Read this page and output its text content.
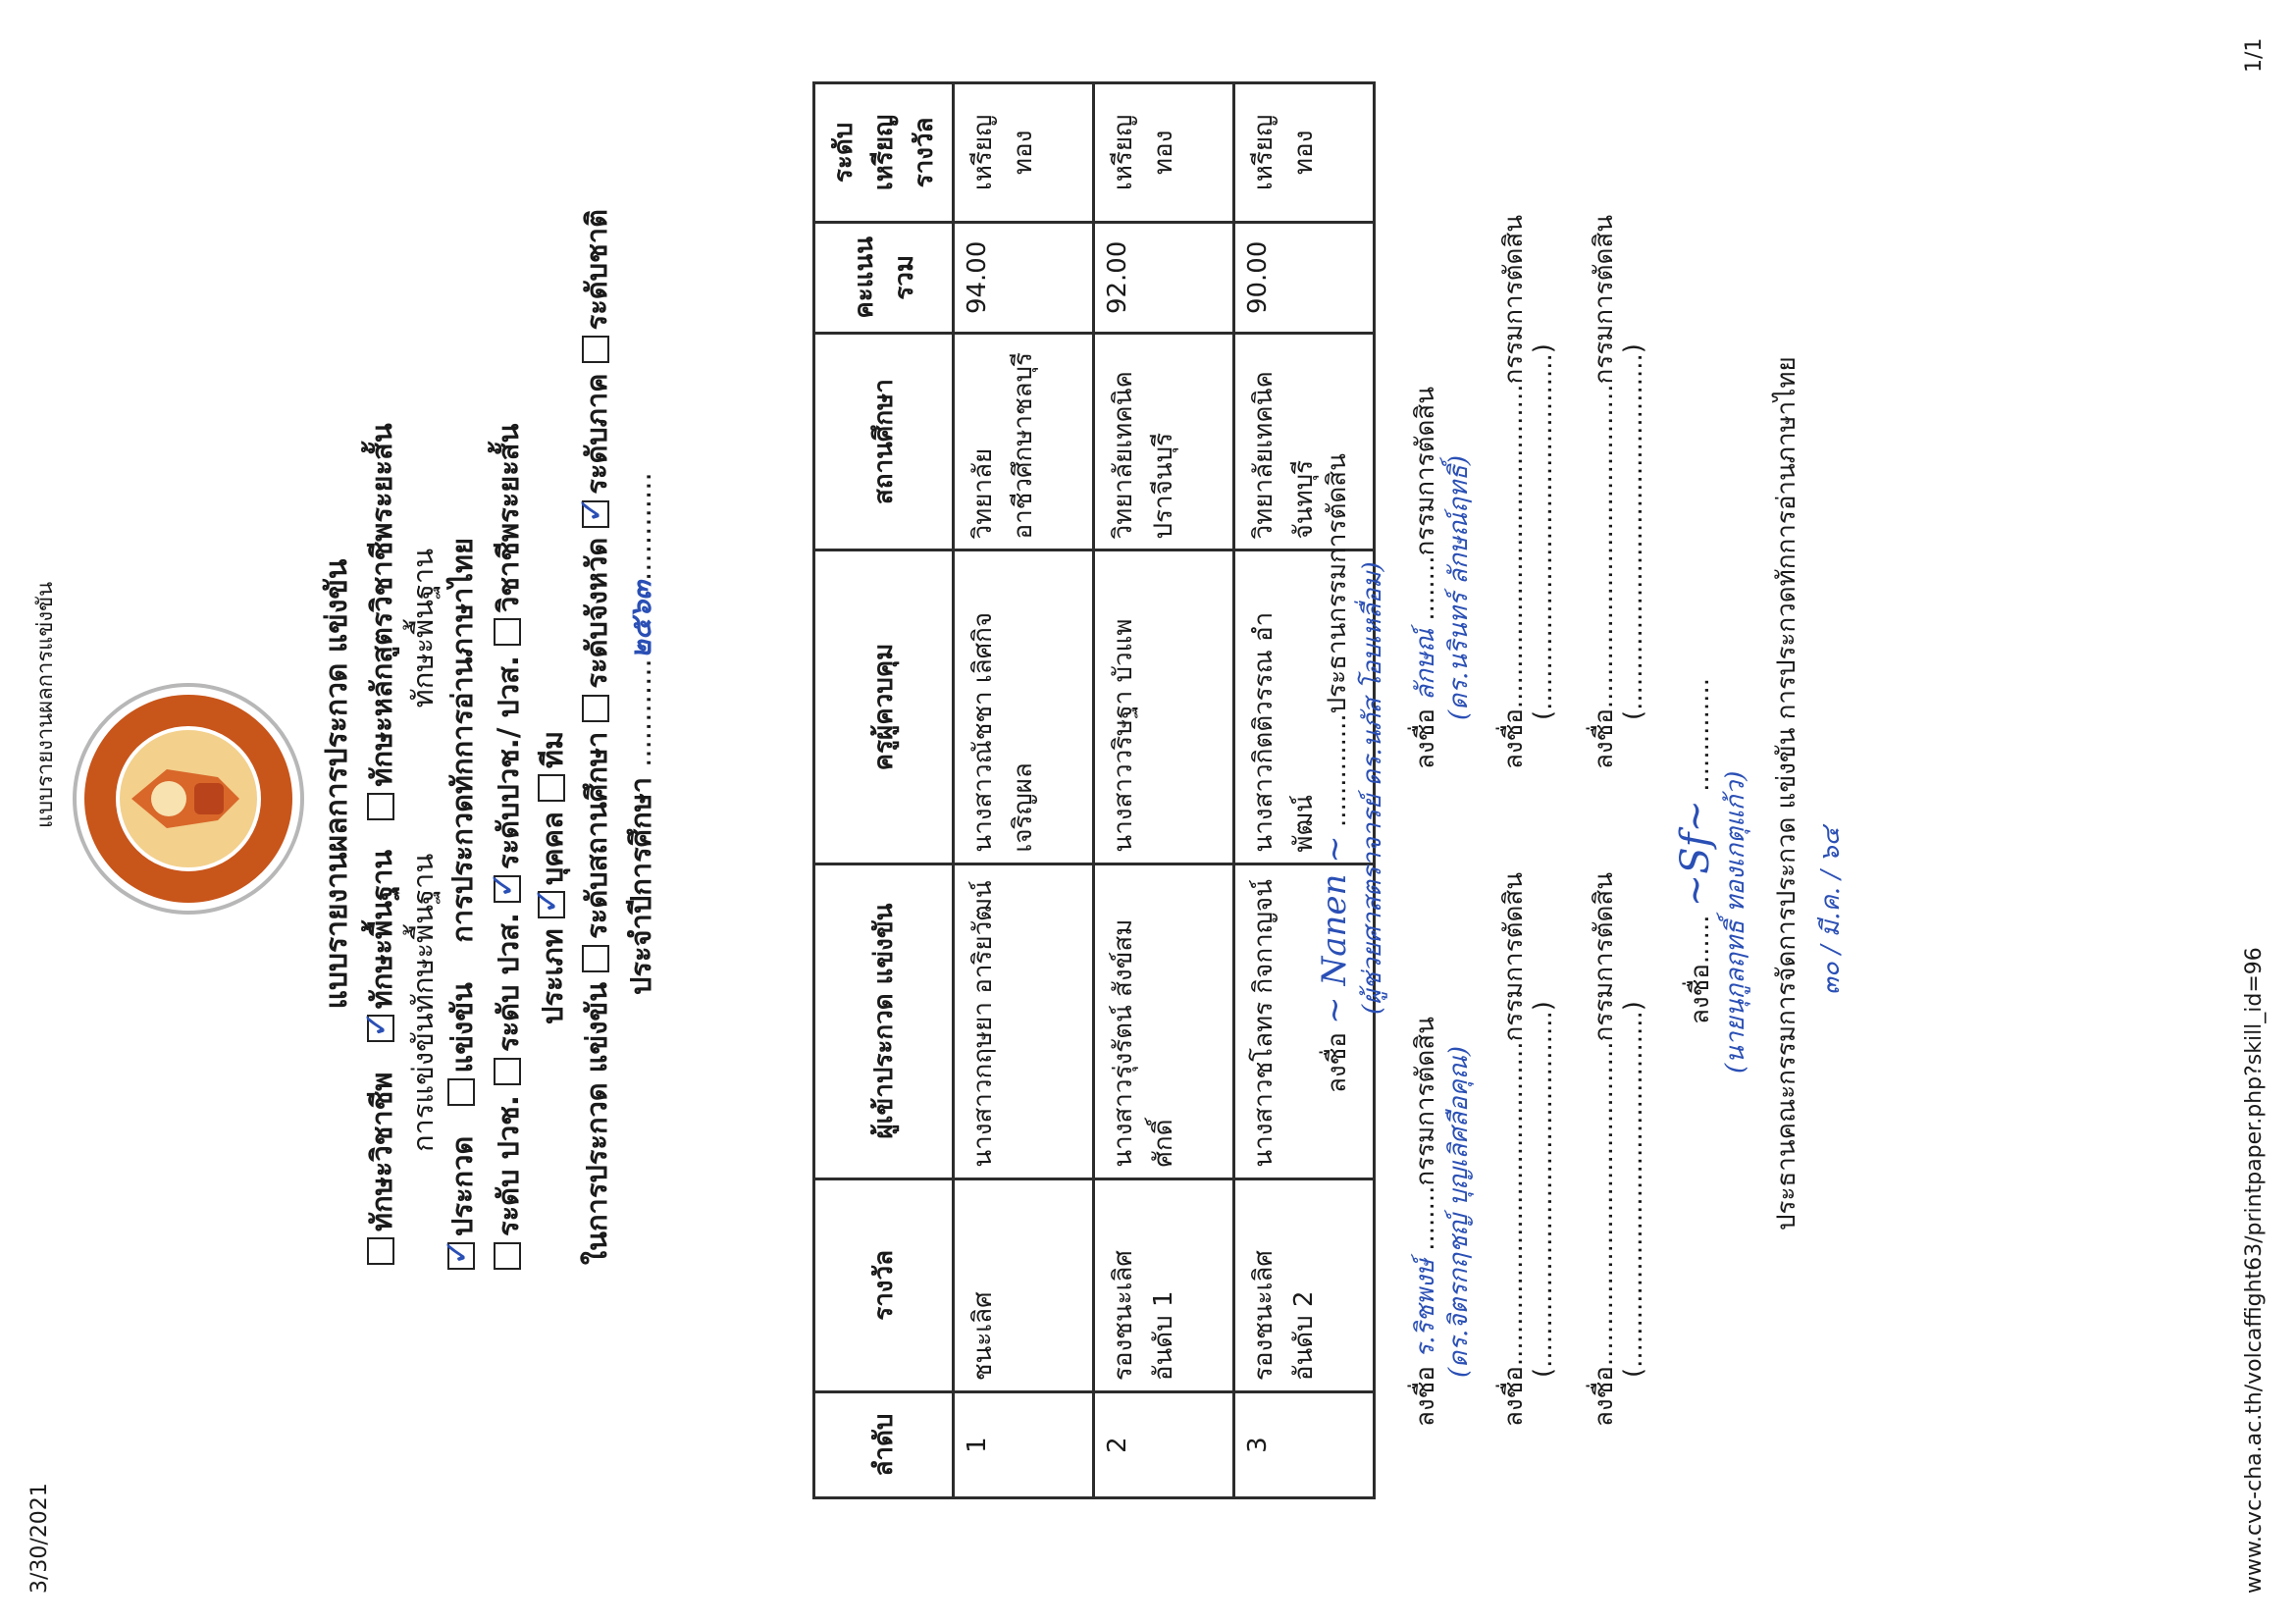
3/30/2021
แบบรายงานผลการแข่งขัน	แบบรายงานผลการประกวด แข่งขัน
ทักษะวิชาชีพ
✓
ทักษะพื้นฐาน   ทักษะหลักสูตรวิชาชีพระยะสั้น
การแข่งขันทักษะพื้นฐาน  ทักษะพื้นฐาน
✓
ประกวด   แข่งขัน    การประกวดทักการอ่านภาษาไทย
ระดับ ปวช. ระดับ ปวส.
✓
ระดับปวช./ ปวส. วิชาชีพระยะสั้น
ประเภท
✓
บุคคล ทีม
ในการประกวด แข่งขัน ระดับสถานศึกษา ระดับจังหวัด
✓
ระดับภาค ระดับชาติ
ประจำปีการศึกษา ............๒๕๖๓............
ลำดับ	รางวัล	ผู้เข้าประกวด แข่งขัน	ครูผู้ควบคุม	สถานศึกษา	คะแนน รวม	ระดับ เหรียญ รางวัล
1	ชนะเลิศ	นางสาวกฤษยา อาริยวัฒน์	นางสาวณัชชา เลิศกิจเจริญผล	วิทยาลัย อาชีวศึกษาชลบุรี	94.00	เหรียญทอง
2	รองชนะเลิศอันดับ 1	นางสาวรุ่งรัตน์ สังข์สมศักดิ์	นางสาววริษฐา บัวแพ	วิทยาลัยเทคนิค ปราจีนบุรี	92.00	เหรียญทอง
3	รองชนะเลิศอันดับ 2	นางสาวชโลทร กิจกาญจน์	นางสาวกิตติวรรณ อำพัฒน์	วิทยาลัยเทคนิค จันทบุรี	90.00	เหรียญทอง
ลงชื่อ ~ Nanen ~ ..............ประธานกรรมการตัดสิน (ผู้ช่วยศาสตราจารย์ ดร.นภัส โอบเหลื่อม)
ลงชื่อ ร.ริชพงษ์ ........กรรมการตัดสิน (ดร.จิตรกฤชญ์ บุญเลิศลือคุณ)
ลงชื่อ ลักษณ์ ........กรรมการตัดสิน (ดร.นรินทร์ ลักษณ์ฤทธิ์)
ลงชื่อ........................................กรรมการตัดสิน
(............................................)
ลงชื่อ........................................กรรมการตัดสิน
(............................................)
ลงชื่อ........................................กรรมการตัดสิน
(............................................)
ลงชื่อ........................................กรรมการตัดสิน
(............................................)
ลงชื่อ...... ~Sf~ ..............
(นายนุกูลฤทธิ์ ทองเกตุแก้ว) ประธานคณะกรรมการจัดการประกวด แข่งขัน การประกวดทักการอ่านภาษาไทย ๓๐ / มี.ค. / ๖๔
www.cvc-cha.ac.th/volcaffight63/printpaper.php?skill_id=96
1/1
